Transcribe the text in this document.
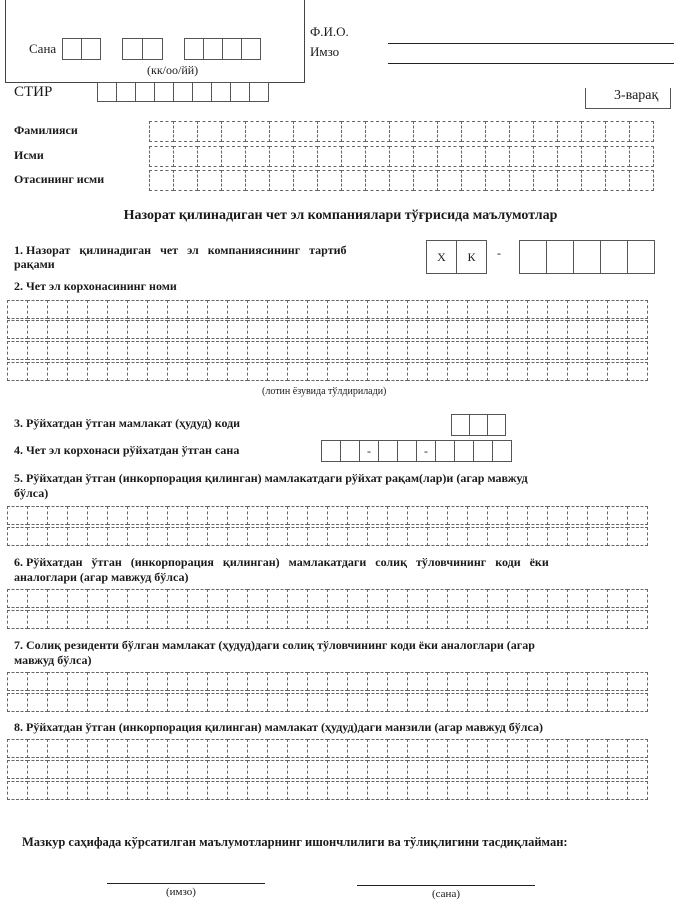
Сана
(кк/оо/йй)
Ф.И.О.
Имзо
СТИР	3-варақ
Фамилияси
Исми
Отасининг исми
Назорат қилинадиган чет эл компаниялари тўғрисида маълумотлар
1. Назорат   қилинадиган   чет   эл   компаниясининг   тартиб
рақами
Х	К	-
2. Чет эл корхонасининг номи
(лотин ёзувида тўлдирилади)
3. Рўйхатдан ўтган мамлакат (ҳудуд) коди
4. Чет эл корхонаси рўйхатдан ўтган сана	-	-
5. Рўйхатдан ўтган (инкорпорация қилинган) мамлакатдаги рўйхат рақам(лар)и (агар мавжуд
бўлса)
6. Рўйхатдан   ўтган   (инкорпорация   қилинган)   мамлакатдаги   солиқ   тўловчининг   коди   ёки
аналоглари (агар мавжуд бўлса)
7. Солиқ резиденти бўлган мамлакат (ҳудуд)даги солиқ тўловчининг коди ёки аналоглари (агар
мавжуд бўлса)
8. Рўйхатдан ўтган (инкорпорация қилинган) мамлакат (ҳудуд)даги манзили (агар мавжуд бўлса)
Мазкур саҳифада кўрсатилган маълумотларнинг ишончлилиги ва тўлиқлигини тасдиқлайман:
(имзо)	(сана)
